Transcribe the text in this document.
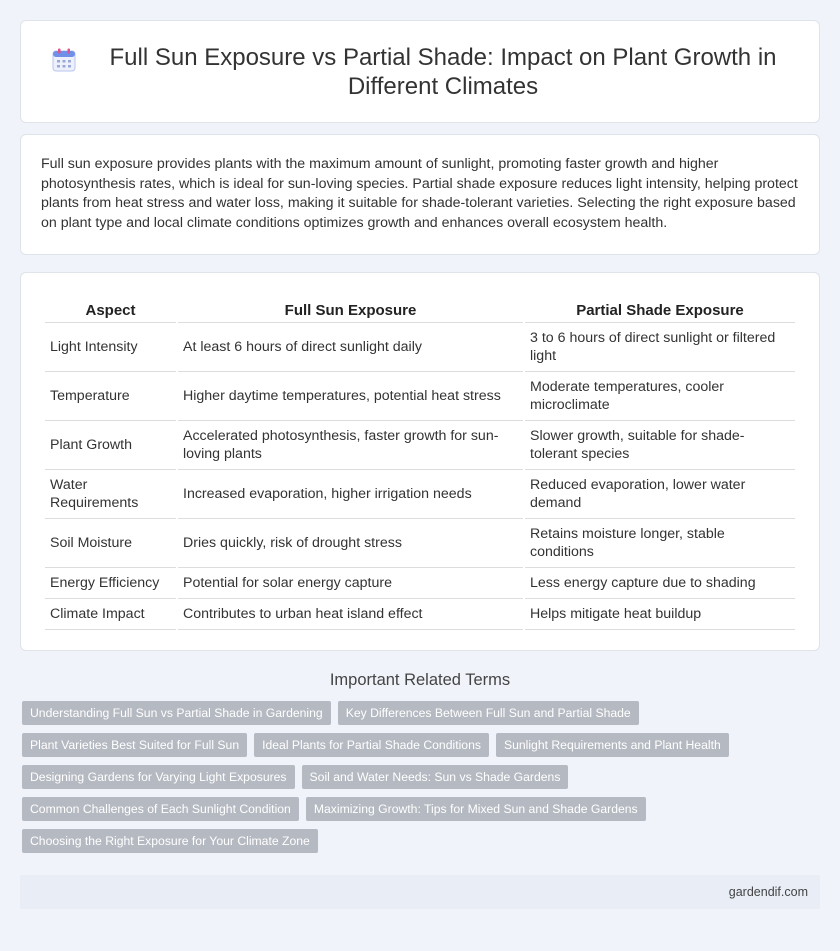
Full Sun Exposure vs Partial Shade: Impact on Plant Growth in Different Climates

Full sun exposure provides plants with the maximum amount of sunlight, promoting faster growth and higher photosynthesis rates, which is ideal for sun-loving species. Partial shade exposure reduces light intensity, helping protect plants from heat stress and water loss, making it suitable for shade-tolerant varieties. Selecting the right exposure based on plant type and local climate conditions optimizes growth and enhances overall ecosystem health.

Aspect	Full Sun Exposure	Partial Shade Exposure
Light Intensity	At least 6 hours of direct sunlight daily	3 to 6 hours of direct sunlight or filtered light
Temperature	Higher daytime temperatures, potential heat stress	Moderate temperatures, cooler microclimate
Plant Growth	Accelerated photosynthesis, faster growth for sun-loving plants	Slower growth, suitable for shade-tolerant species
Water Requirements	Increased evaporation, higher irrigation needs	Reduced evaporation, lower water demand
Soil Moisture	Dries quickly, risk of drought stress	Retains moisture longer, stable conditions
Energy Efficiency	Potential for solar energy capture	Less energy capture due to shading
Climate Impact	Contributes to urban heat island effect	Helps mitigate heat buildup
Important Related Terms
Understanding Full Sun vs Partial Shade in Gardening	Key Differences Between Full Sun and Partial Shade
Plant Varieties Best Suited for Full Sun	Ideal Plants for Partial Shade Conditions	Sunlight Requirements and Plant Health
Designing Gardens for Varying Light Exposures	Soil and Water Needs: Sun vs Shade Gardens
Common Challenges of Each Sunlight Condition	Maximizing Growth: Tips for Mixed Sun and Shade Gardens
Choosing the Right Exposure for Your Climate Zone
gardendif.com
